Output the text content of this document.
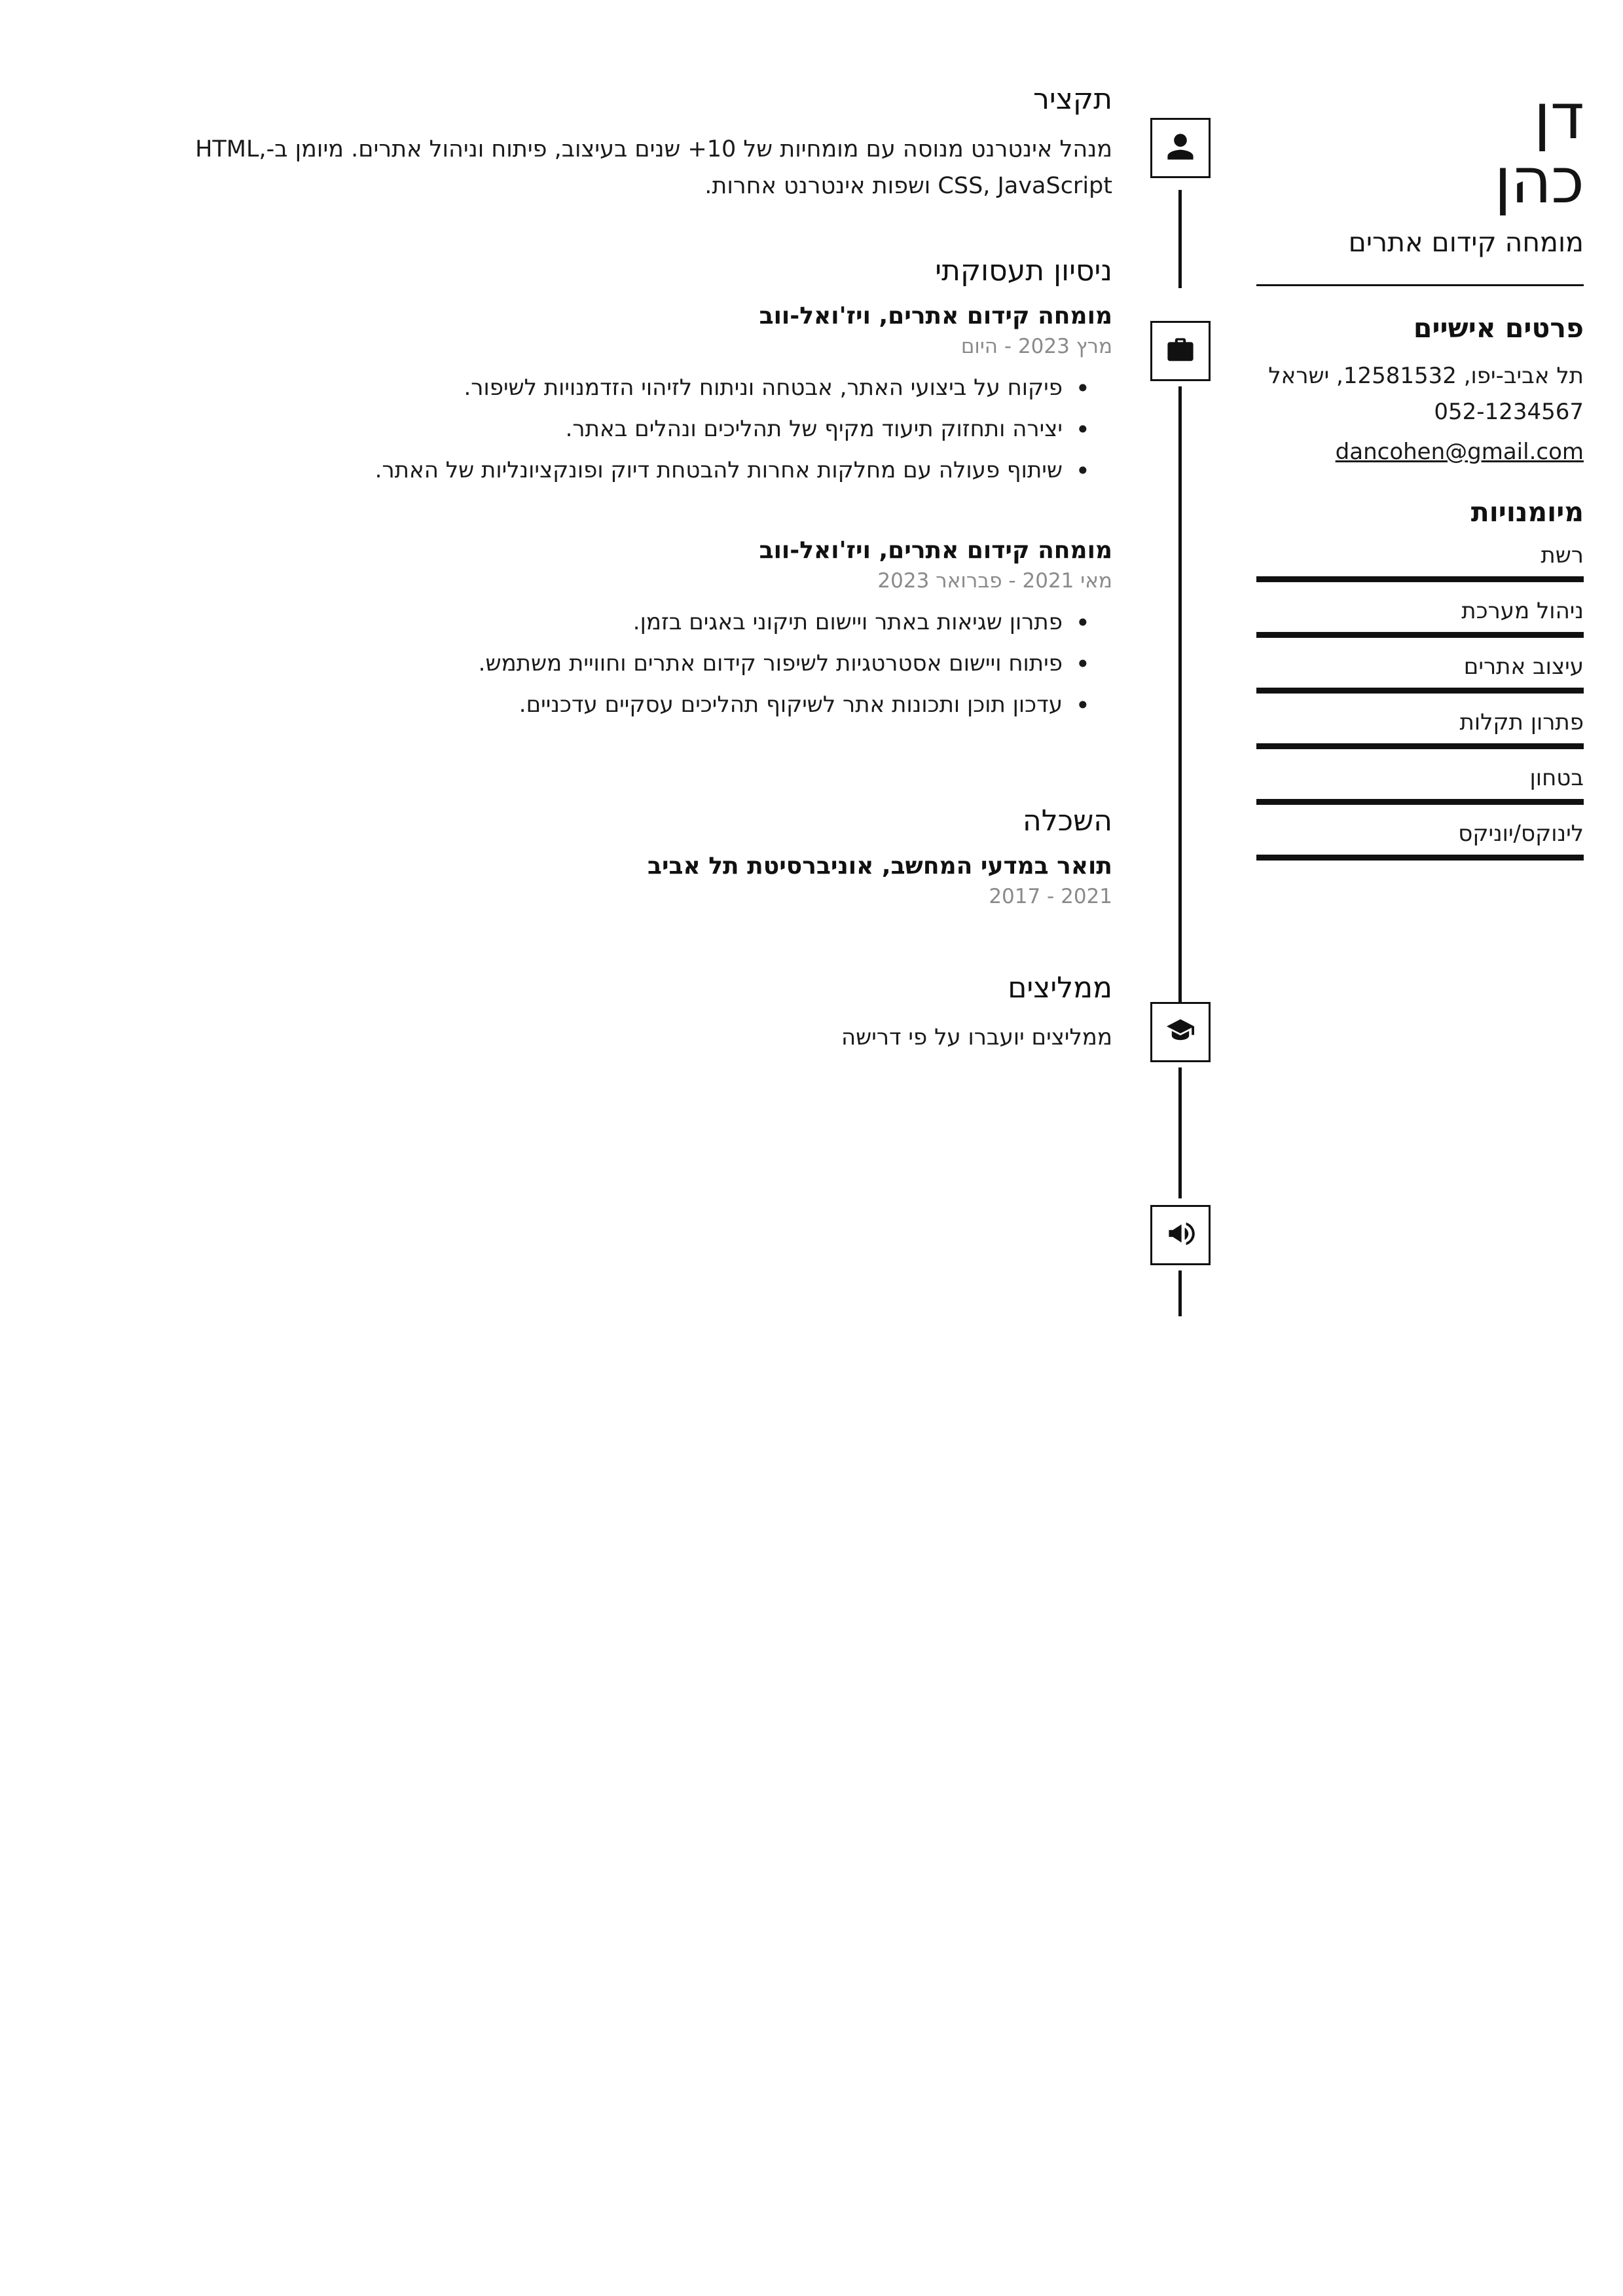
דן
כהן
מומחה קידום אתרים
פרטים אישיים
תל אביב-יפו, 12581532, ישראל
052-1234567
dancohen@gmail.com
מיומנויות
רשת
ניהול מערכת
עיצוב אתרים
פתרון תקלות
בטחון
לינוקס/יוניקס
תקציר

מנהל אינטרנט מנוסה עם מומחיות של 10+ שנים בעיצוב, פיתוח וניהול אתרים. מיומן ב-HTML, CSS, JavaScript ושפות אינטרנט אחרות.

ניסיון תעסוקתי
מומחה קידום אתרים, ויז'ואל-ווב
מרץ 2023 - היום
• פיקוח על ביצועי האתר, אבטחה וניתוח לזיהוי הזדמנויות לשיפור.
• יצירה ותחזוק תיעוד מקיף של תהליכים ונהלים באתר.
• שיתוף פעולה עם מחלקות אחרות להבטחת דיוק ופונקציונליות של האתר.
מומחה קידום אתרים, ויז'ואל-ווב
מאי 2021 - פברואר 2023
• פתרון שגיאות באתר ויישום תיקוני באגים בזמן.
• פיתוח ויישום אסטרטגיות לשיפור קידום אתרים וחוויית משתמש.
• עדכון תוכן ותכונות אתר לשיקוף תהליכים עסקיים עדכניים.
השכלה
תואר במדעי המחשב, אוניברסיטת תל אביב
2017 - 2021
ממליצים

ממליצים יועברו על פי דרישה
